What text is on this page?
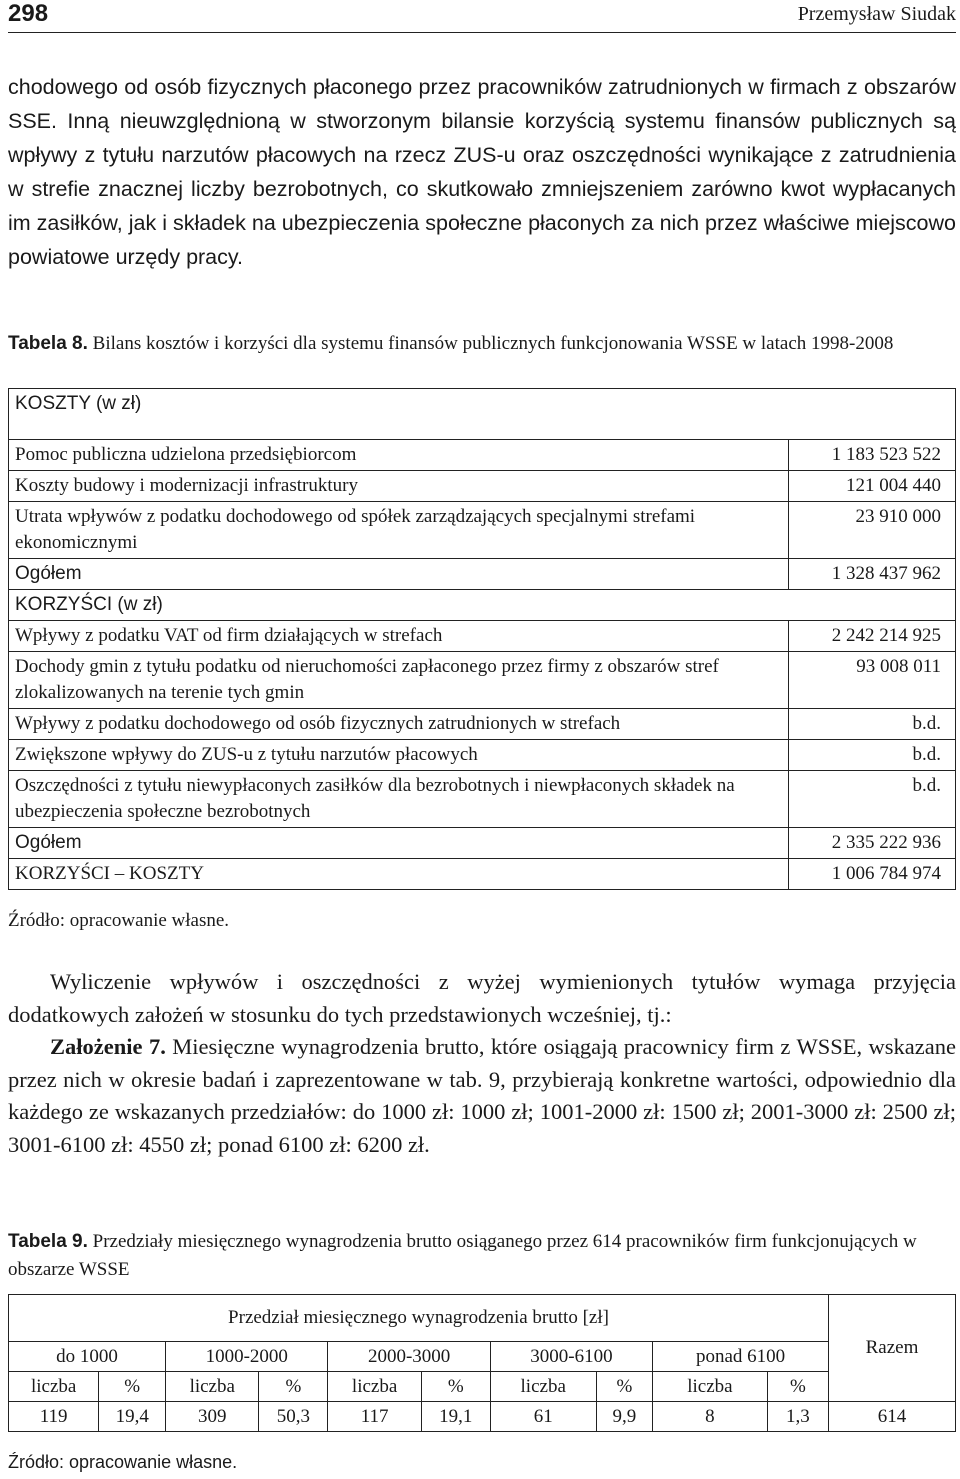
298	Przemysław Siudak
chodowego od osób fizycznych płaconego przez pracowników zatrudnionych w firmach z obszarów SSE. Inną nieuwzględnioną w stworzonym bilansie korzyścią systemu finansów publicznych są wpływy z tytułu narzutów płacowych na rzecz ZUS-u oraz oszczędności wynikające z zatrudnienia w strefie znacznej liczby bezrobotnych, co skutkowało zmniejszeniem zarówno kwot wypłacanych im zasiłków, jak i składek na ubezpieczenia społeczne płaconych za nich przez właściwe miejscowo powiatowe urzędy pracy.
Tabela 8. Bilans kosztów i korzyści dla systemu finansów publicznych funkcjonowania WSSE w latach 1998-2008
KOSZTY (w zł)	
Pomoc publiczna udzielona przedsiębiorcom	1 183 523 522
Koszty budowy i modernizacji infrastruktury	121 004 440
Utrata wpływów z podatku dochodowego od spółek zarządzających specjalnymi strefami ekonomicznymi	23 910 000
Ogółem	1 328 437 962
KORZYŚCI (w zł)	
Wpływy z podatku VAT od firm działających w strefach	2 242 214 925
Dochody gmin z tytułu podatku od nieruchomości zapłaconego przez firmy z obszarów stref zlokalizowanych na terenie tych gmin	93 008 011
Wpływy z podatku dochodowego od osób fizycznych zatrudnionych w strefach	b.d.
Zwiększone wpływy do ZUS-u z tytułu narzutów płacowych	b.d.
Oszczędności z tytułu niewypłaconych zasiłków dla bezrobotnych i niewpłaconych składek na ubezpieczenia społeczne bezrobotnych	b.d.
Ogółem	2 335 222 936
KORZYŚCI – KOSZTY	1 006 784 974
Źródło: opracowanie własne.
Wyliczenie wpływów i oszczędności z wyżej wymienionych tytułów wymaga przyjęcia dodatkowych założeń w stosunku do tych przedstawionych wcześniej, tj.:
Założenie 7. Miesięczne wynagrodzenia brutto, które osiągają pracownicy firm z WSSE, wskazane przez nich w okresie badań i zaprezentowane w tab. 9, przybierają konkretne wartości, odpowiednio dla każdego ze wskazanych przedziałów: do 1000 zł: 1000 zł; 1001-2000 zł: 1500 zł; 2001-3000 zł: 2500 zł; 3001-6100 zł: 4550 zł; ponad 6100 zł: 6200 zł.
Tabela 9. Przedziały miesięcznego wynagrodzenia brutto osiąganego przez 614 pracowników firm funkcjonujących w obszarze WSSE
Przedział miesięcznego wynagrodzenia brutto [zł]										Razem
do 1000		1000-2000		2000-3000		3000-6100		ponad 6100		
liczba	%	liczba	%	liczba	%	liczba	%	liczba	%	
119	19,4	309	50,3	117	19,1	61	9,9	8	1,3	614
Źródło: opracowanie własne.
